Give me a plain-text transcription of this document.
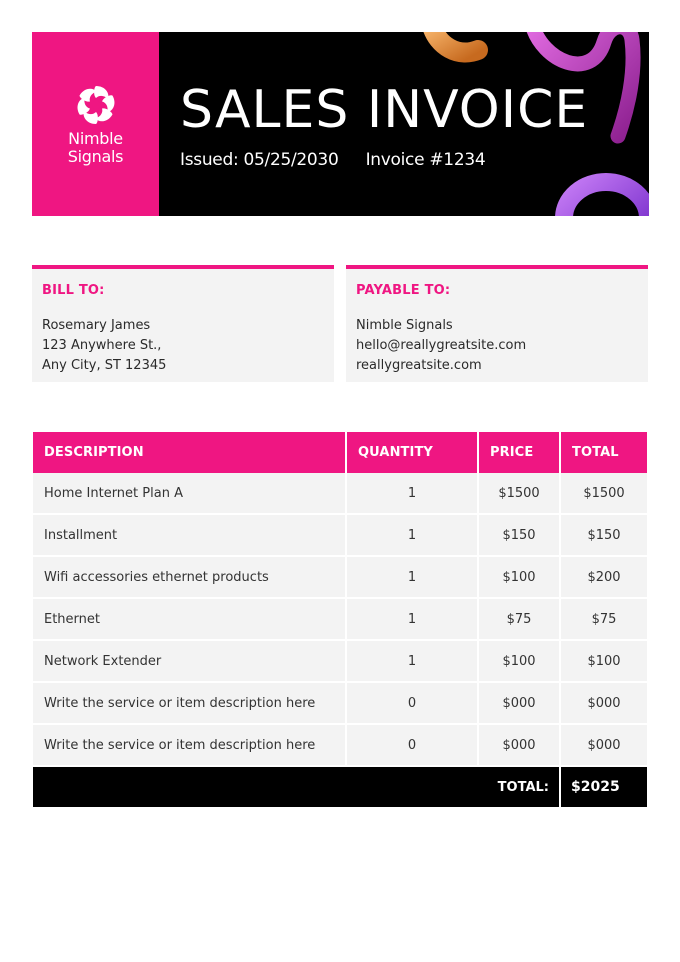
Nimble
Signals
SALES INVOICE
Issued: 05/25/2030 Invoice #1234
BILL TO:
Rosemary James
123 Anywhere St.,
Any City, ST 12345
PAYABLE TO:
Nimble Signals
hello@reallygreatsite.com
reallygreatsite.com
DESCRIPTION	QUANTITY	PRICE	TOTAL
Home Internet Plan A	1	$1500	$1500
Installment	1	$150	$150
Wifi accessories ethernet products	1	$100	$200
Ethernet	1	$75	$75
Network Extender	1	$100	$100
Write the service or item description here	0	$000	$000
Write the service or item description here	0	$000	$000
TOTAL:			$2025
